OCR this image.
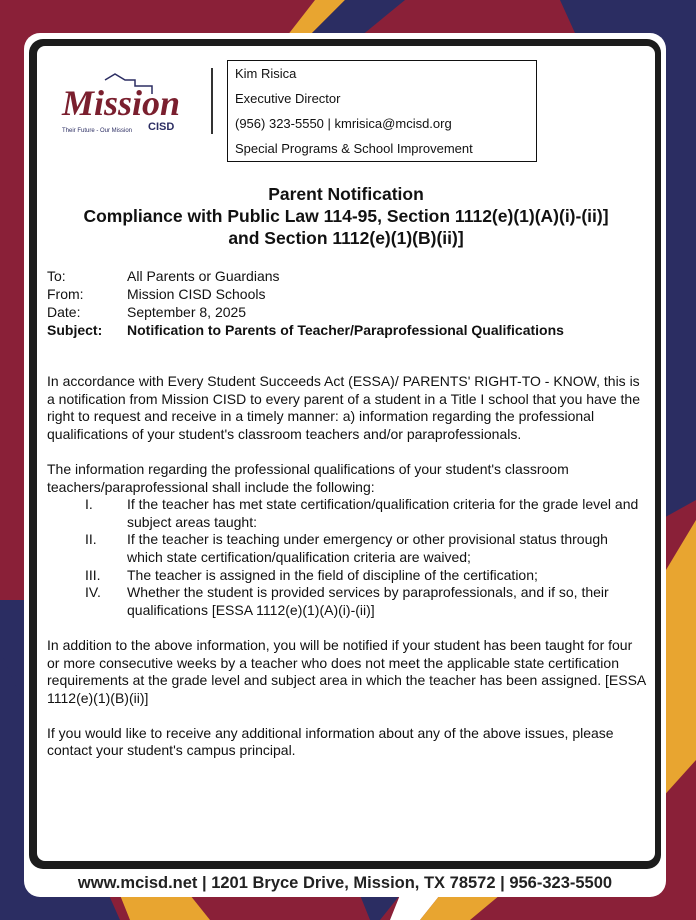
Mission
CISD
Their Future - Our Mission
Kim Risica
Executive Director
(956) 323-5550 | kmrisica@mcisd.org
Special Programs & School Improvement
Parent Notification
Compliance with Public Law 114-95, Section 1112(e)(1)(A)(i)-(ii)]
and Section 1112(e)(1)(B)(ii)]
To:	All Parents or Guardians
From:	Mission CISD Schools
Date:	September 8, 2025
Subject:	Notification to Parents of Teacher/Paraprofessional Qualifications

In accordance with Every Student Succeeds Act (ESSA)/ PARENTS' RIGHT-TO - KNOW, this is a notification from Mission CISD to every parent of a student in a Title I school that you have the right to request and receive in a timely manner: a) information regarding the professional qualifications of your student's classroom teachers and/or paraprofessionals.

The information regarding the professional qualifications of your student's classroom teachers/paraprofessional shall include the following:
I.	If the teacher has met state certification/qualification criteria for the grade level and subject areas taught:
II.	If the teacher is teaching under emergency or other provisional status through which state certification/qualification criteria are waived;
III.	The teacher is assigned in the field of discipline of the certification;
IV.	Whether the student is provided services by paraprofessionals, and if so, their qualifications [ESSA 1112(e)(1)(A)(i)-(ii)]

In addition to the above information, you will be notified if your student has been taught for four or more consecutive weeks by a teacher who does not meet the applicable state certification requirements at the grade level and subject area in which the teacher has been assigned. [ESSA 1112(e)(1)(B)(ii)]

If you would like to receive any additional information about any of the above issues, please contact your student's campus principal.

www.mcisd.net | 1201 Bryce Drive, Mission, TX 78572 | 956-323-5500
